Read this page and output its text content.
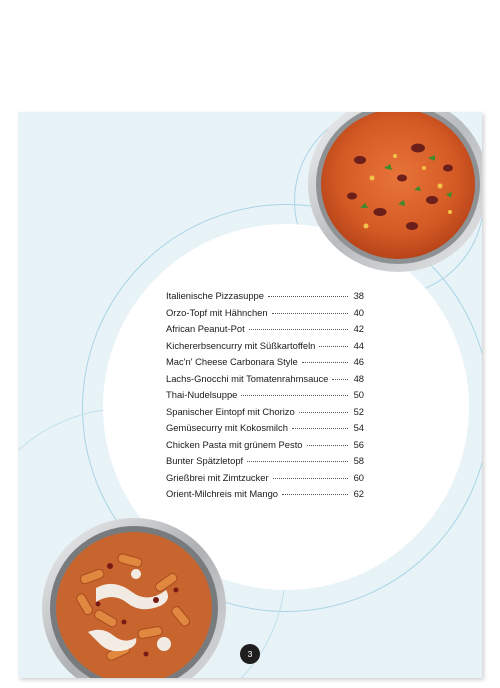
Italienische Pizzasuppe	38
Orzo-Topf mit Hähnchen	40
African Peanut-Pot	42
Kichererbsencurry mit Süßkartoffeln	44
Mac'n' Cheese Carbonara Style	46
Lachs-Gnocchi mit Tomatenrahmsauce	48
Thai-Nudelsuppe	50
Spanischer Eintopf mit Chorizo	52
Gemüsecurry mit Kokosmilch	54
Chicken Pasta mit grünem Pesto	56
Bunter Spätzletopf	58
Grießbrei mit Zimtzucker	60
Orient-Milchreis mit Mango	62
3
